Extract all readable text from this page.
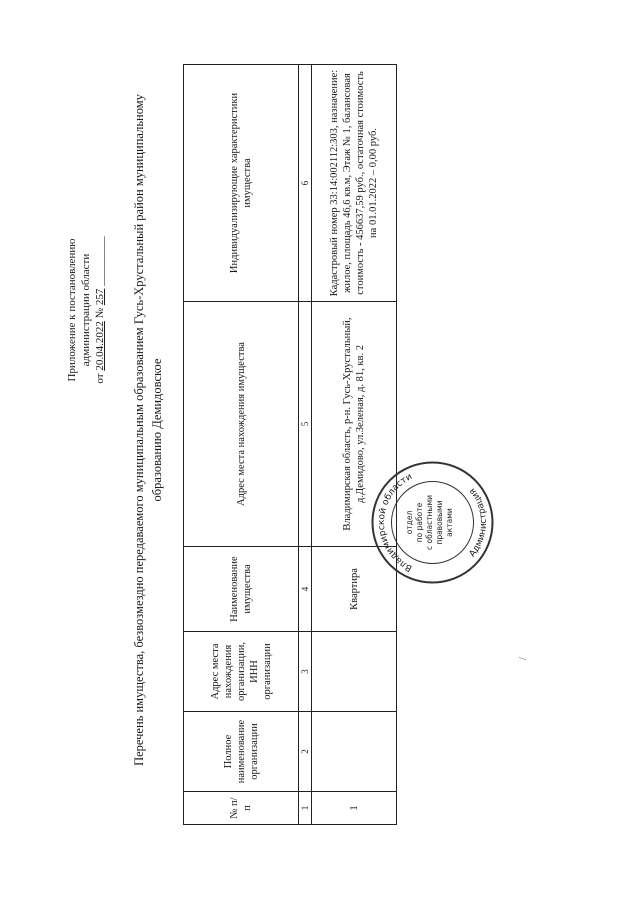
Приложение к постановлению администрации области
от 20.04.2022 № 257 _________ Перечень имущества, безвозмездно передаваемого муниципальным образованием Гусь-Хрустальный район муниципальному образованию Демидовское
№ п/п	Полное наименование организации	Адрес места нахождения организации, ИНН организации	Наименование имущества	Адрес места нахождения имущества	Индивидуализирующие характеристики имущества
1	2	3	4	5	6
1			Квартира	Владимирская область, р-н. Гусь-Хрустальный, д.Демидово, ул.Зеленая, д. 81, кв. 2	Кадастровый номер 33:14:002112:303, назначение: жилое, площадь 46,6 кв.м, Этаж № 1, балансовая стоимость - 456637,59 руб., остаточная стоимость на 01.01.2022 – 0,00 руб.
/
Владимирской области
Администрация
отдел по работе с областными правовыми актами
